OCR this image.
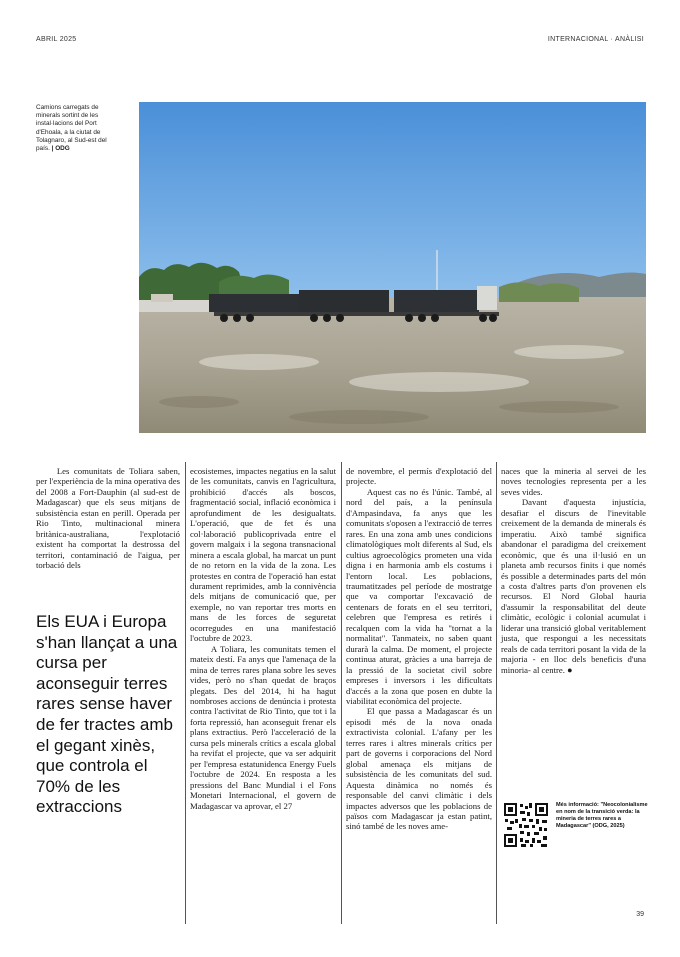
ABRIL 2025	INTERNACIONAL · ANÀLISI
Camions carregats de minerals sortint de les instal·lacions del Port d'Ehoala, a la ciutat de Tolagnaro, al Sud-est del país. | ODG

Les comunitats de Toliara saben, per l'experiència de la mina operativa des del 2008 a Fort-Dauphin (al sud-est de Madagascar) que els seus mitjans de subsistència estan en perill. Operada per Rio Tinto, multinacional minera britànica-australiana, l'explotació existent ha comportat la destrossa del territori, contaminació de l'aigua, per torbació dels

Els EUA i Europa s'han llançat a una cursa per aconseguir terres rares sense haver de fer tractes amb el gegant xinès, que controla el 70% de les extraccions

ecosistemes, impactes negatius en la salut de les comunitats, canvis en l'agricultura, prohibició d'accés als boscos, fragmentació social, inflació econòmica i aprofundiment de les desigualtats. L'operació, que de fet és una col·laboració publicoprivada entre el govern malgaix i la segona transnacional minera a escala global, ha marcat un punt de no retorn en la vida de la zona. Les protestes en contra de l'operació han estat durament reprimides, amb la connivència dels mitjans de comunicació que, per exemple, no van reportar tres morts en mans de les forces de seguretat ocorregudes en una manifestació l'octubre de 2023.

A Toliara, les comunitats temen el mateix destí. Fa anys que l'amenaça de la mina de terres rares plana sobre les seves vides, però no s'han quedat de braços plegats. Des del 2014, hi ha hagut nombroses accions de denúncia i protesta contra l'activitat de Rio Tinto, que tot i la forta repressió, han aconseguit frenar els plans extractius. Però l'acceleració de la cursa pels minerals crítics a escala global ha revifat el projecte, que va ser adquirit per l'empresa estatunidenca Energy Fuels l'octubre de 2024. En resposta a les pressions del Banc Mundial i el Fons Monetari Internacional, el govern de Madagascar va aprovar, el 27

de novembre, el permís d'explotació del projecte.

Aquest cas no és l'únic. També, al nord del país, a la península d'Ampasindava, fa anys que les comunitats s'oposen a l'extracció de terres rares. En una zona amb unes condicions climatològiques molt diferents al Sud, els cultius agroecològics prometen una vida digna i en harmonia amb els costums i l'entorn local. Les poblacions, traumatitzades pel període de mostratge que va comportar l'excavació de centenars de forats en el seu territori, celebren que l'empresa es retirés i recalquen com la vida ha "tornat a la normalitat". Tanmateix, no saben quant durarà la calma. De moment, el projecte continua aturat, gràcies a una barreja de la pressió de la societat civil sobre empreses i inversors i les dificultats d'accés a la zona que posen en dubte la viabilitat econòmica del projecte.

El que passa a Madagascar és un episodi més de la nova onada extractivista colonial. L'afany per les terres rares i altres minerals crítics per part de governs i corporacions del Nord global amenaça els mitjans de subsistència de les comunitats del sud. Aquesta dinàmica no només és responsable del canvi climàtic i dels impactes adversos que les poblacions de països com Madagascar ja estan patint, sinó també de les noves ame-

naces que la mineria al servei de les noves tecnologies representa per a les seves vides.

Davant d'aquesta injustícia, desafiar el discurs de l'inevitable creixement de la demanda de minerals és imperatiu. Això també significa abandonar el paradigma del creixement econòmic, que és una il·lusió en un planeta amb recursos finits i que només és possible a determinades parts del món a costa d'altres parts d'on provenen els recursos. El Nord Global hauria d'assumir la responsabilitat del deute climàtic, ecològic i colonial acumulat i liderar una transició global veritablement justa, que respongui a les necessitats reals de cada territori posant la vida de la majoria - en lloc dels beneficis d'una minoria- al centre. ●

Més informació: "Neocolonialisme en nom de la transició verda: la mineria de terres rares a Madagascar" (ODG, 2025)
39
